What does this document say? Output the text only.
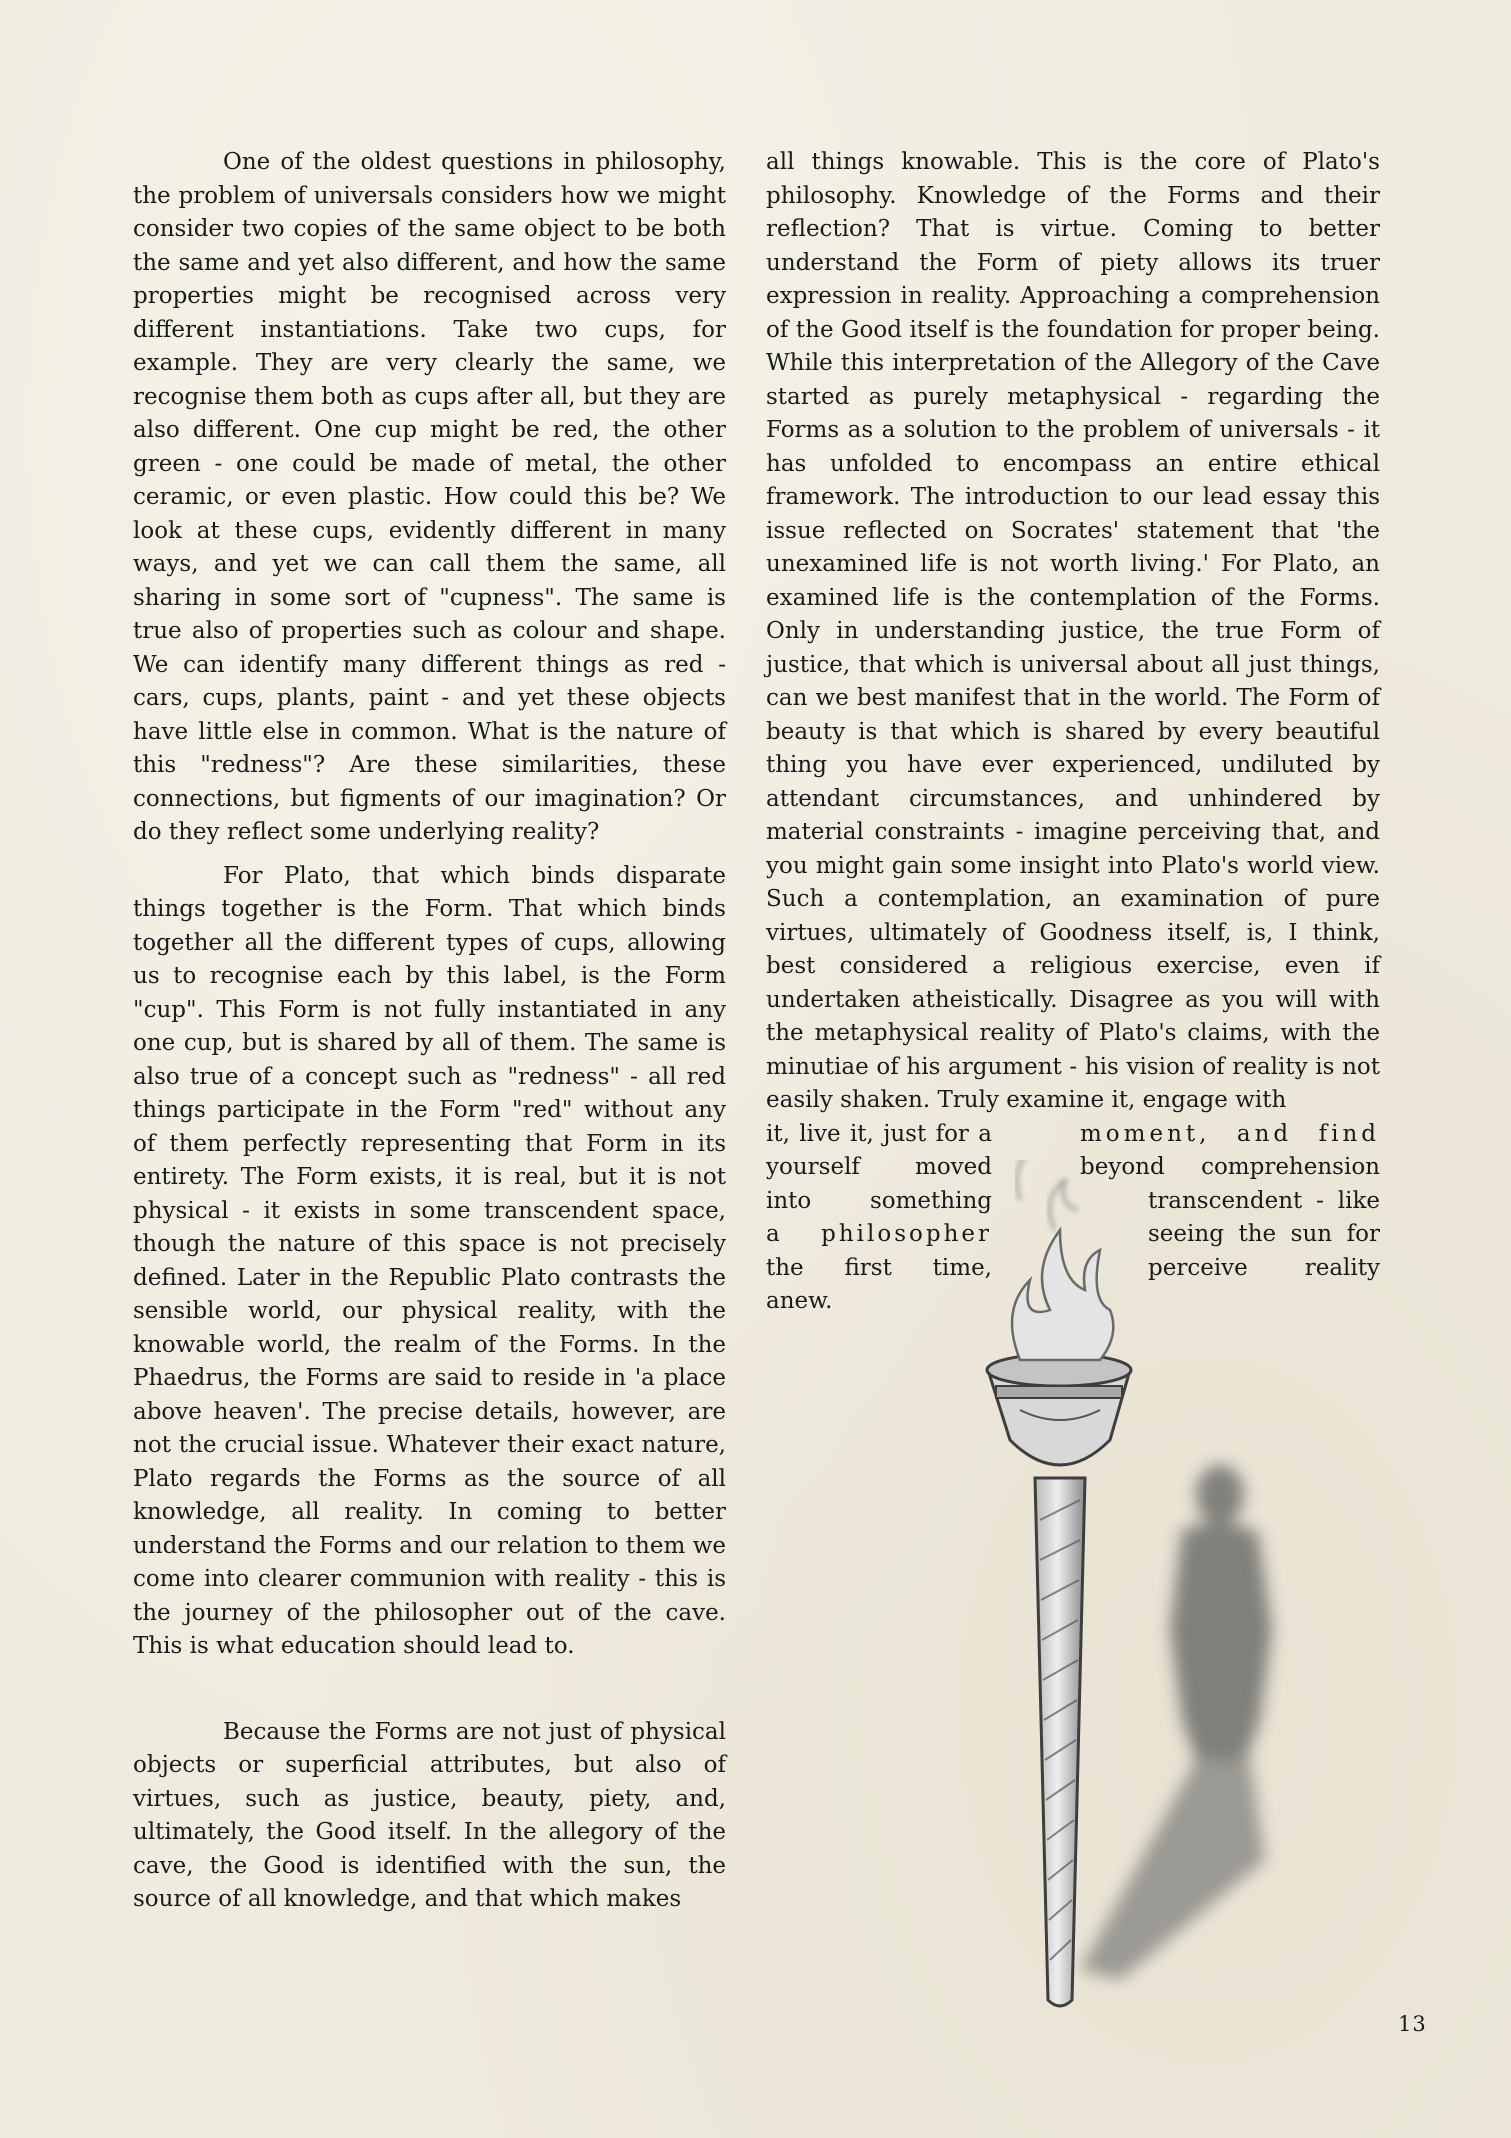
One of the oldest questions in philosophy, the problem of universals considers how we might consider two copies of the same object to be both the same and yet also different, and how the same properties might be recognised across very different instantiations. Take two cups, for example. They are very clearly the same, we recognise them both as cups after all, but they are also different. One cup might be red, the other green - one could be made of metal, the other ceramic, or even plastic. How could this be? We look at these cups, evidently different in many ways, and yet we can call them the same, all sharing in some sort of "cupness". The same is true also of properties such as colour and shape. We can identify many different things as red - cars, cups, plants, paint - and yet these objects have little else in common. What is the nature of this "redness"? Are these similarities, these connections, but figments of our imagination? Or do they reflect some underlying reality?

For Plato, that which binds disparate things together is the Form. That which binds together all the different types of cups, allowing us to recognise each by this label, is the Form "cup". This Form is not fully instantiated in any one cup, but is shared by all of them. The same is also true of a concept such as "redness" - all red things participate in the Form "red" without any of them perfectly representing that Form in its entirety. The Form exists, it is real, but it is not physical - it exists in some transcendent space, though the nature of this space is not precisely defined. Later in the Republic Plato contrasts the sensible world, our physical reality, with the knowable world, the realm of the Forms. In the Phaedrus, the Forms are said to reside in 'a place above heaven'. The precise details, however, are not the crucial issue. Whatever their exact nature, Plato regards the Forms as the source of all knowledge, all reality. In coming to better understand the Forms and our relation to them we come into clearer communion with reality - this is the journey of the philosopher out of the cave. This is what education should lead to.

Because the Forms are not just of physical objects or superficial attributes, but also of virtues, such as justice, beauty, piety, and, ultimately, the Good itself. In the allegory of the cave, the Good is identified with the sun, the source of all knowledge, and that which makes

all things knowable. This is the core of Plato's philosophy. Knowledge of the Forms and their reflection? That is virtue. Coming to better understand the Form of piety allows its truer expression in reality. Approaching a comprehension of the Good itself is the foundation for proper being. While this interpretation of the Allegory of the Cave started as purely metaphysical - regarding the Forms as a solution to the problem of universals - it has unfolded to encompass an entire ethical framework. The introduction to our lead essay this issue reflected on Socrates' statement that 'the unexamined life is not worth living.' For Plato, an examined life is the contemplation of the Forms. Only in understanding justice, the true Form of justice, that which is universal about all just things, can we best manifest that in the world. The Form of beauty is that which is shared by every beautiful thing you have ever experienced, undiluted by attendant circumstances, and unhindered by material constraints - imagine perceiving that, and you might gain some insight into Plato's world view. Such a contemplation, an examination of pure virtues, ultimately of Goodness itself, is, I think, best considered a religious exercise, even if undertaken atheistically. Disagree as you will with the metaphysical reality of Plato's claims, with the minutiae of his argument - his vision of reality is not easily shaken. Truly examine it, engage with

it, live it, just for a
yourself moved
into something
a philosopher
the first time,
anew.
moment, and find
beyond comprehension
transcendent - like
seeing the sun for
perceive reality
13
